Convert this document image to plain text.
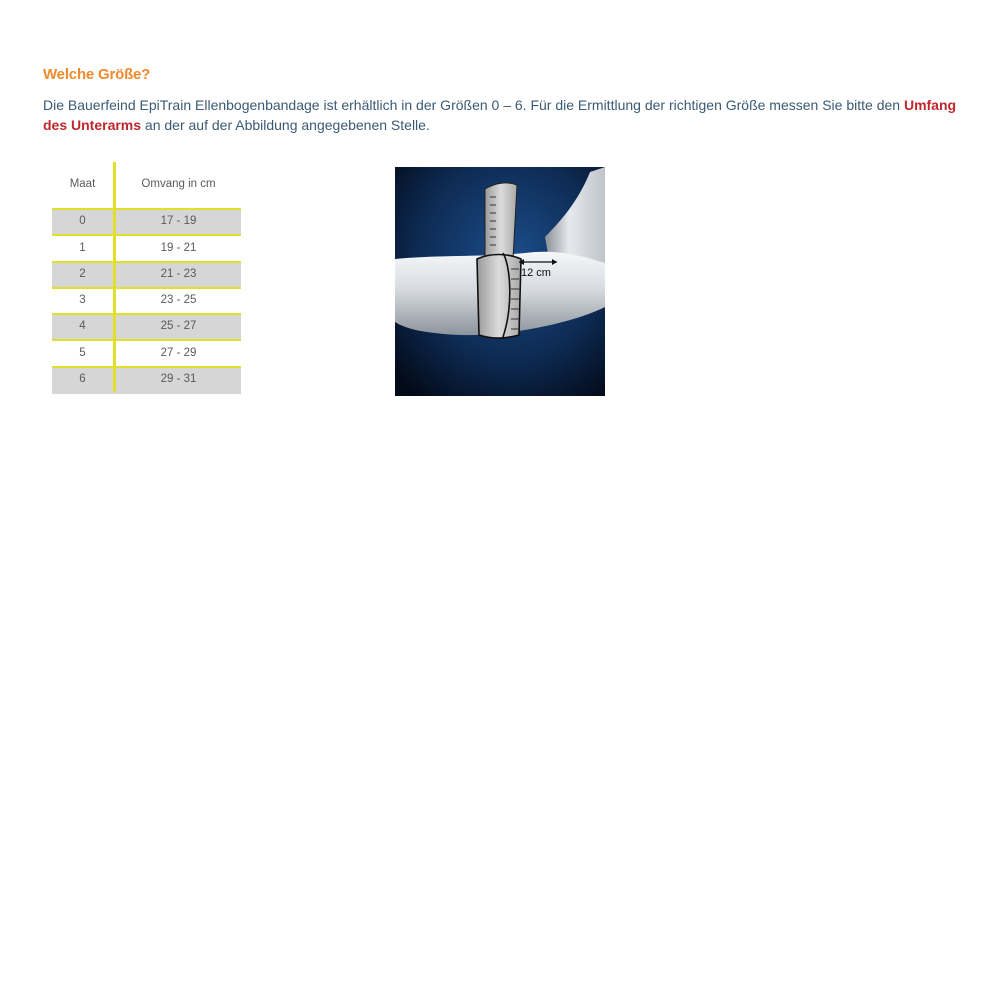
Welche Größe?

Die Bauerfeind EpiTrain Ellenbogenbandage ist erhältlich in der Größen 0 – 6. Für die Ermittlung der richtigen Größe messen Sie bitte den Umfang des Unterarms an der auf der Abbildung angegebenen Stelle.

Maat	Omvang in cm
0	17 - 19
1	19 - 21
2	21 - 23
3	23 - 25
4	25 - 27
5	27 - 29
6	29 - 31
12 cm
